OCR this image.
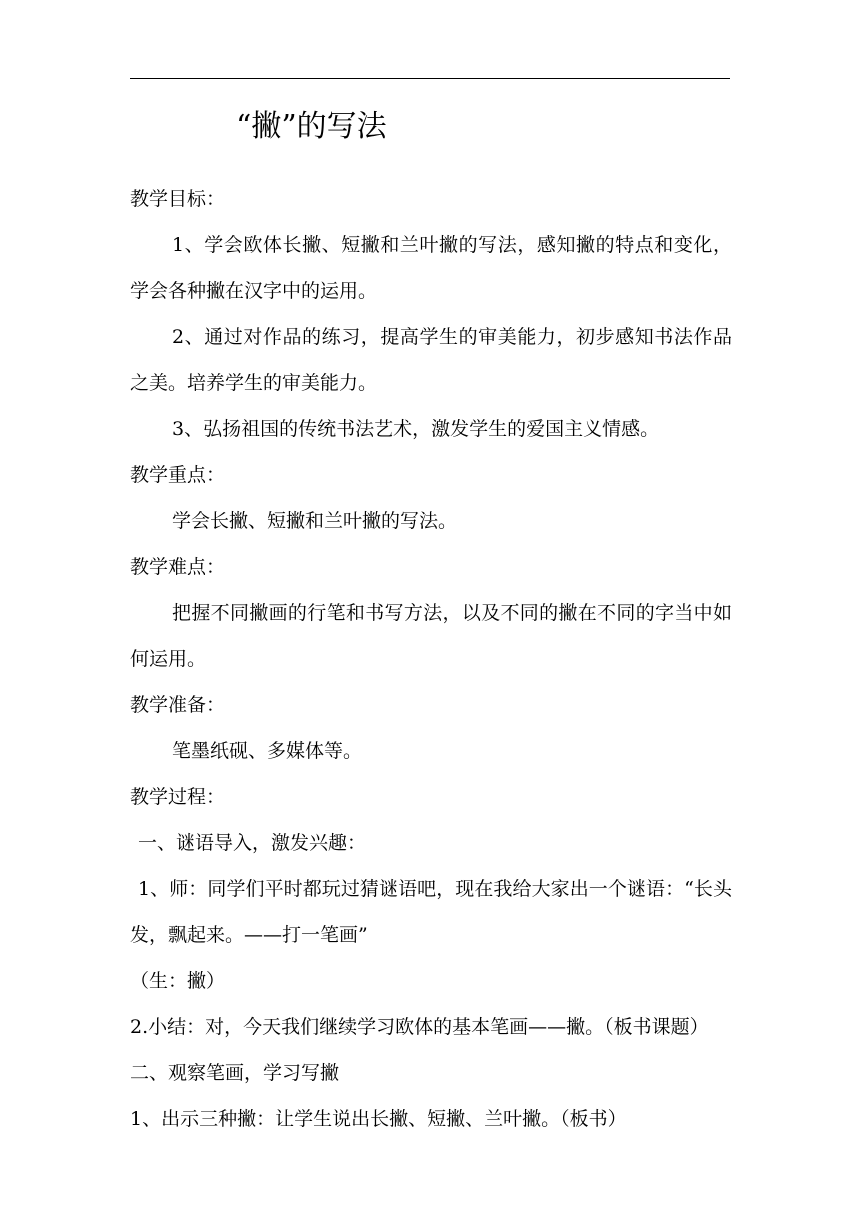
“撇”的写法

教学目标：

1、学会欧体长撇、短撇和兰叶撇的写法，感知撇的特点和变化，学会各种撇在汉字中的运用。

2、通过对作品的练习，提高学生的审美能力，初步感知书法作品之美。培养学生的审美能力。

3、弘扬祖国的传统书法艺术，激发学生的爱国主义情感。

教学重点：

学会长撇、短撇和兰叶撇的写法。

教学难点：

把握不同撇画的行笔和书写方法，以及不同的撇在不同的字当中如何运用。

教学准备：

笔墨纸砚、多媒体等。

教学过程：

一、谜语导入，激发兴趣：

1、师：同学们平时都玩过猜谜语吧，现在我给大家出一个谜语：“长头发，飘起来。——打一笔画”

（生：撇）

2.小结：对，今天我们继续学习欧体的基本笔画——撇。（板书课题）

二、观察笔画，学习写撇

1、出示三种撇：让学生说出长撇、短撇、兰叶撇。（板书）
